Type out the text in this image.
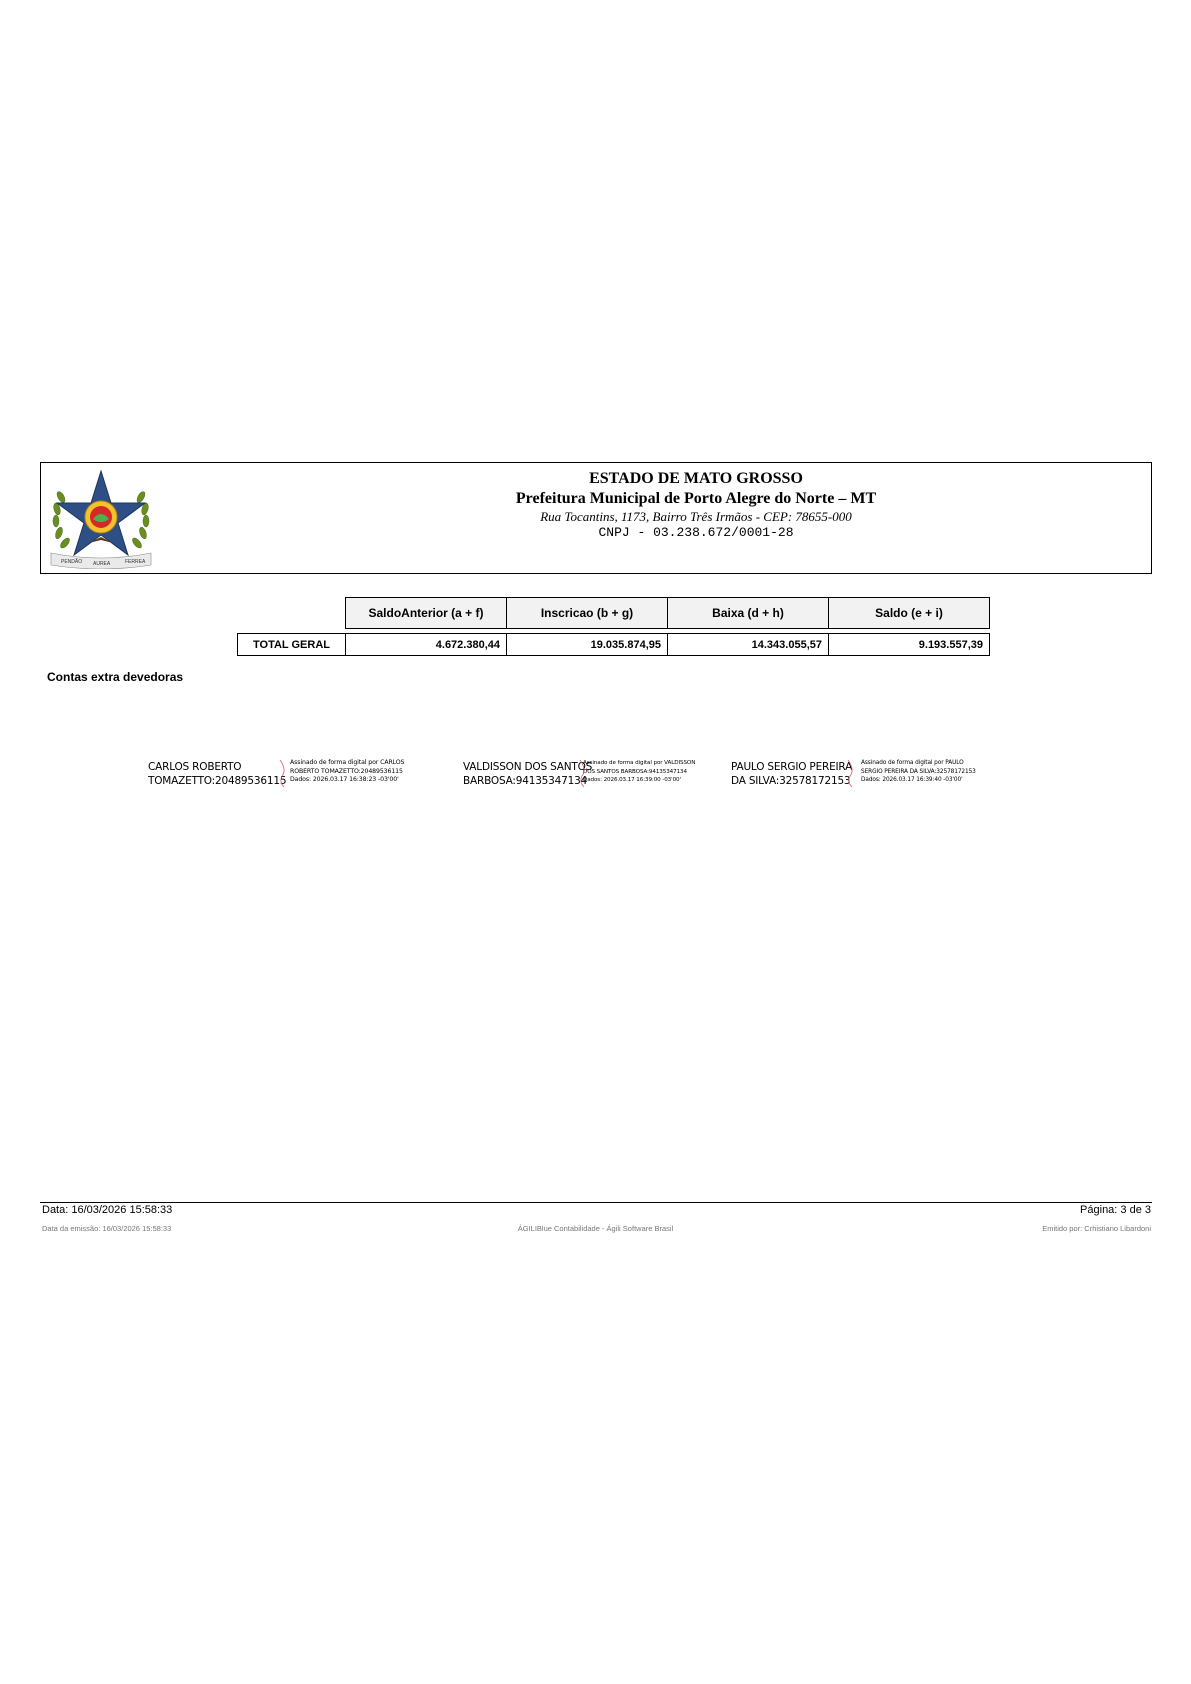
PENDÃO AUREA	FERREA
ESTADO DE MATO GROSSO
Prefeitura Municipal de Porto Alegre do Norte – MT
Rua Tocantins, 1173, Bairro Três Irmãos - CEP: 78655-000
CNPJ - 03.238.672/0001-28
	SaldoAnterior (a + f)	Inscricao (b + g)	Baixa (d + h)	Saldo (e + i)

TOTAL GERAL	4.672.380,44	19.035.874,95	14.343.055,57	9.193.557,39
Contas extra devedoras
CARLOS ROBERTO
TOMAZETTO:20489536115
Assinado de forma digital por CARLOS
ROBERTO TOMAZETTO:20489536115
Dados: 2026.03.17 16:38:23 -03'00'
VALDISSON DOS SANTOS
BARBOSA:94135347134
Assinado de forma digital por VALDISSON
DOS SANTOS BARBOSA:94135347134
Dados: 2026.03.17 16:39:00 -03'00'
PAULO SERGIO PEREIRA
DA SILVA:32578172153
Assinado de forma digital por PAULO
SERGIO PEREIRA DA SILVA:32578172153
Dados: 2026.03.17 16:39:40 -03'00'
Data: 16/03/2026 15:58:33	Página: 3 de 3
Data da emissão: 16/03/2026 15:58:33	ÁGILIBlue Contabilidade - Ágili Software Brasil	Emitido por: Crhistiano Libardoni
